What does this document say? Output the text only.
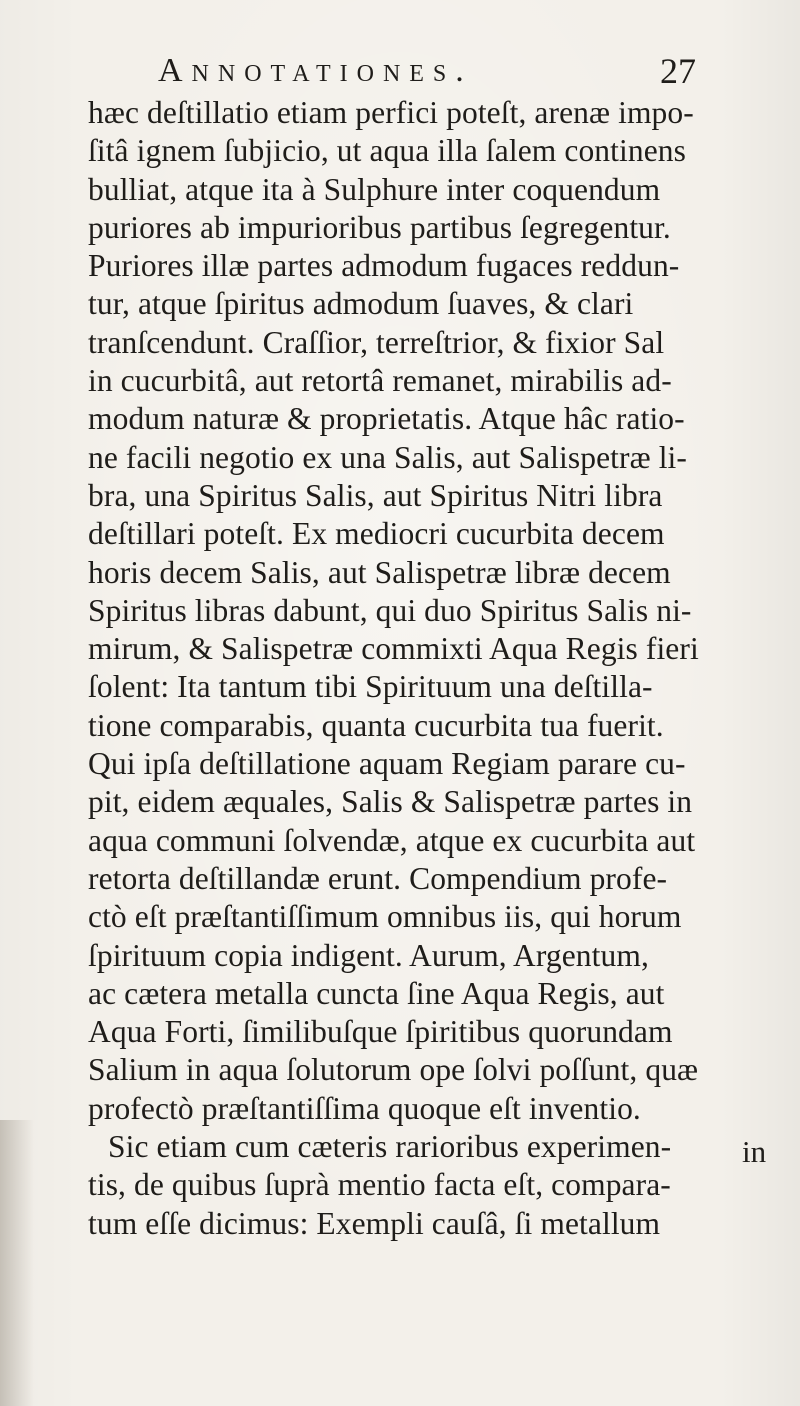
Annotationes.	27
hæc deſtillatio etiam perfici poteſt, arenæ impo-
ſitâ ignem ſubjicio, ut aqua illa ſalem continens
bulliat, atque ita à Sulphure inter coquendum
puriores ab impurioribus partibus ſegregentur.
Puriores illæ partes admodum fugaces reddun-
tur, atque ſpiritus admodum ſuaves, & clari
tranſcendunt. Craſſior, terreſtrior, & fixior Sal
in cucurbitâ, aut retortâ remanet, mirabilis ad-
modum naturæ & proprietatis. Atque hâc ratio-
ne facili negotio ex una Salis, aut Salispetræ li-
bra, una Spiritus Salis, aut Spiritus Nitri libra
deſtillari poteſt. Ex mediocri cucurbita decem
horis decem Salis, aut Salispetræ libræ decem
Spiritus libras dabunt, qui duo Spiritus Salis ni-
mirum, & Salispetræ commixti Aqua Regis fieri
ſolent: Ita tantum tibi Spirituum una deſtilla-
tione comparabis, quanta cucurbita tua fuerit.
Qui ipſa deſtillatione aquam Regiam parare cu-
pit, eidem æquales, Salis & Salispetræ partes in
aqua communi ſolvendæ, atque ex cucurbita aut
retorta deſtillandæ erunt. Compendium profe-
ctò eſt præſtantiſſimum omnibus iis, qui horum
ſpirituum copia indigent. Aurum, Argentum,
ac cætera metalla cuncta ſine Aqua Regis, aut
Aqua Forti, ſimilibuſque ſpiritibus quorundam
Salium in aqua ſolutorum ope ſolvi poſſunt, quæ
profectò præſtantiſſima quoque eſt inventio.
Sic etiam cum cæteris rarioribus experimen-
tis, de quibus ſuprà mentio facta eſt, compara-
tum eſſe dicimus: Exempli cauſâ, ſi metallum
in
